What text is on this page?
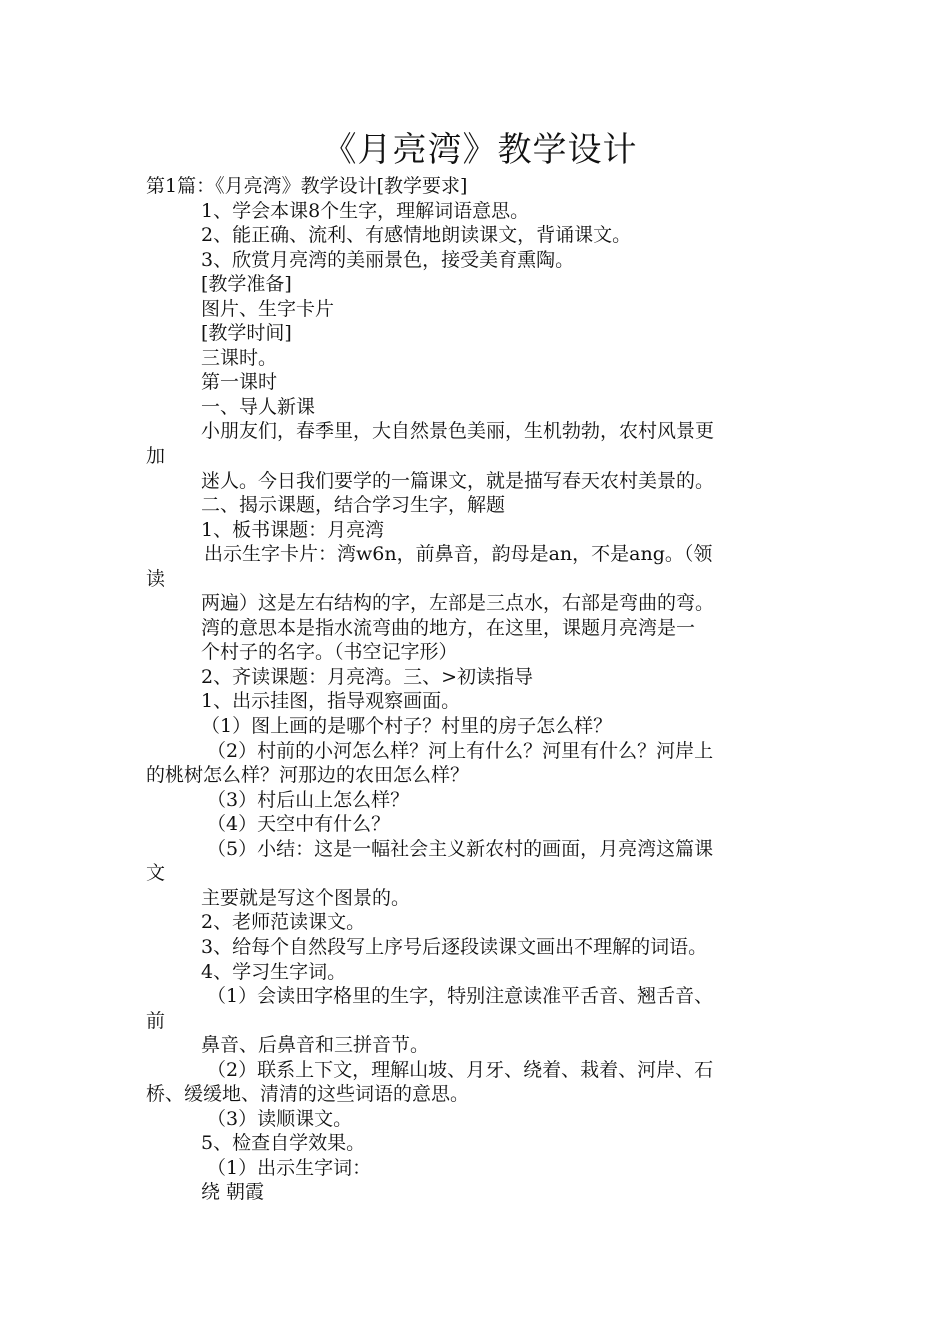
《月亮湾》教学设计
第1篇：《月亮湾》教学设计[教学要求]
1、学会本课8个生字，理解词语意思。
2、能正确、流利、有感情地朗读课文，背诵课文。
3、欣赏月亮湾的美丽景色，接受美育熏陶。
[教学准备]
图片、生字卡片
[教学时间]
三课时。
第一课时
一、导人新课
小朋友们，春季里，大自然景色美丽，生机勃勃，农村风景更
加
迷人。今日我们要学的一篇课文，就是描写春天农村美景的。
二、揭示课题，结合学习生字，解题
1、板书课题：月亮湾
出示生字卡片：湾w6n，前鼻音，韵母是an，不是ang。（领
读
两遍）这是左右结构的字，左部是三点水，右部是弯曲的弯。
湾的意思本是指水流弯曲的地方，在这里，课题月亮湾是一
个村子的名字。（书空记字形）
2、齐读课题：月亮湾。三、>初读指导
1、出示挂图，指导观察画面。
（1）图上画的是哪个村子？村里的房子怎么样？
（2）村前的小河怎么样？河上有什么？河里有什么？河岸上
的桃树怎么样？河那边的农田怎么样？
（3）村后山上怎么样？
（4）天空中有什么？
（5）小结：这是一幅社会主义新农村的画面，月亮湾这篇课
文
主要就是写这个图景的。
2、老师范读课文。
3、给每个自然段写上序号后逐段读课文画出不理解的词语。
4、学习生字词。
（1）会读田字格里的生字，特别注意读准平舌音、翘舌音、
前
鼻音、后鼻音和三拼音节。
（2）联系上下文，理解山坡、月牙、绕着、栽着、河岸、石
桥、缓缓地、清清的这些词语的意思。
（3）读顺课文。
5、检查自学效果。
（1）出示生字词：
绕 朝霞
